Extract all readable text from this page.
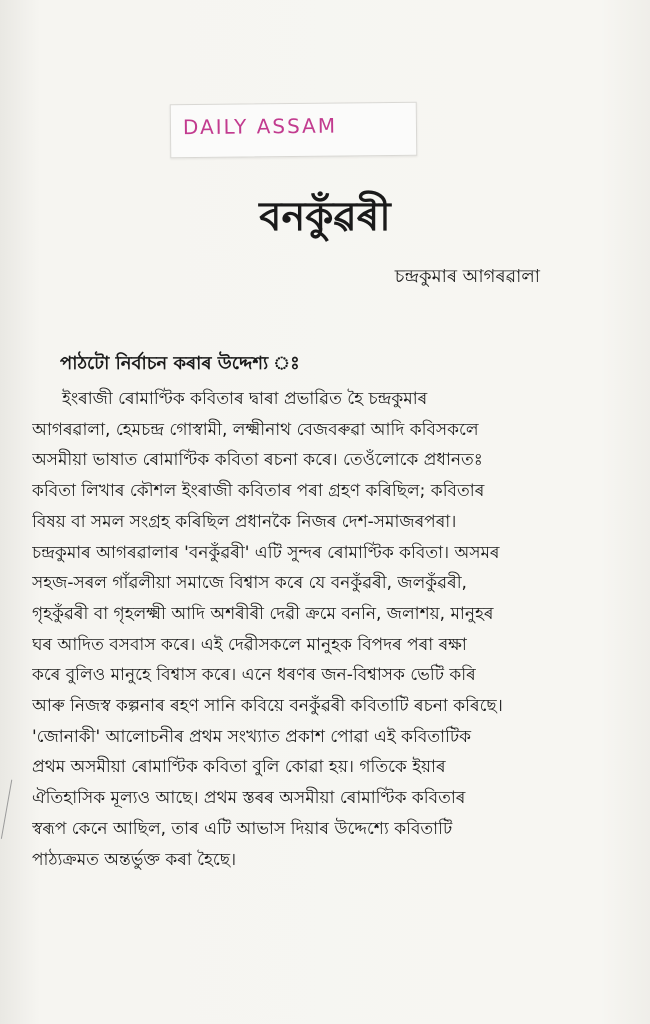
DAILY ASSAM
বনকুঁৱৰী
চন্দ্ৰকুমাৰ আগৰৱালা
পাঠটো নিৰ্বাচন কৰাৰ উদ্দেশ্য ঃ
ইংৰাজী ৰোমাণ্টিক কবিতাৰ দ্বাৰা প্ৰভাৱিত হৈ চন্দ্ৰকুমাৰ
আগৰৱালা, হেমচন্দ্ৰ গোস্বামী, লক্ষ্মীনাথ বেজবৰুৱা আদি কবিসকলে
অসমীয়া ভাষাত ৰোমাণ্টিক কবিতা ৰচনা কৰে। তেওঁলোকে প্ৰধানতঃ
কবিতা লিখাৰ কৌশল ইংৰাজী কবিতাৰ পৰা গ্ৰহণ কৰিছিল; কবিতাৰ
বিষয় বা সমল সংগ্ৰহ কৰিছিল প্ৰধানকৈ নিজৰ দেশ-সমাজৰপৰা।
চন্দ্ৰকুমাৰ আগৰৱালাৰ 'বনকুঁৱৰী' এটি সুন্দৰ ৰোমাণ্টিক কবিতা। অসমৰ
সহজ-সৰল গাঁৱলীয়া সমাজে বিশ্বাস কৰে যে বনকুঁৱৰী, জলকুঁৱৰী,
গৃহকুঁৱৰী বা গৃহলক্ষ্মী আদি অশৰীৰী দেৱী ক্ৰমে বননি, জলাশয়, মানুহৰ
ঘৰ আদিত বসবাস কৰে। এই দেৱীসকলে মানুহক বিপদৰ পৰা ৰক্ষা
কৰে বুলিও মানুহে বিশ্বাস কৰে। এনে ধৰণৰ জন-বিশ্বাসক ভেটি কৰি
আৰু নিজস্ব কল্পনাৰ ৰহণ সানি কবিয়ে বনকুঁৱৰী কবিতাটি ৰচনা কৰিছে।
'জোনাকী' আলোচনীৰ প্ৰথম সংখ্যাত প্ৰকাশ পোৱা এই কবিতাটিক
প্ৰথম অসমীয়া ৰোমাণ্টিক কবিতা বুলি কোৱা হয়। গতিকে ইয়াৰ
ঐতিহাসিক মূল্যও আছে। প্ৰথম স্তৰৰ অসমীয়া ৰোমাণ্টিক কবিতাৰ
স্বৰূপ কেনে আছিল, তাৰ এটি আভাস দিয়াৰ উদ্দেশ্যে কবিতাটি
পাঠ্যক্ৰমত অন্তৰ্ভুক্ত কৰা হৈছে।
